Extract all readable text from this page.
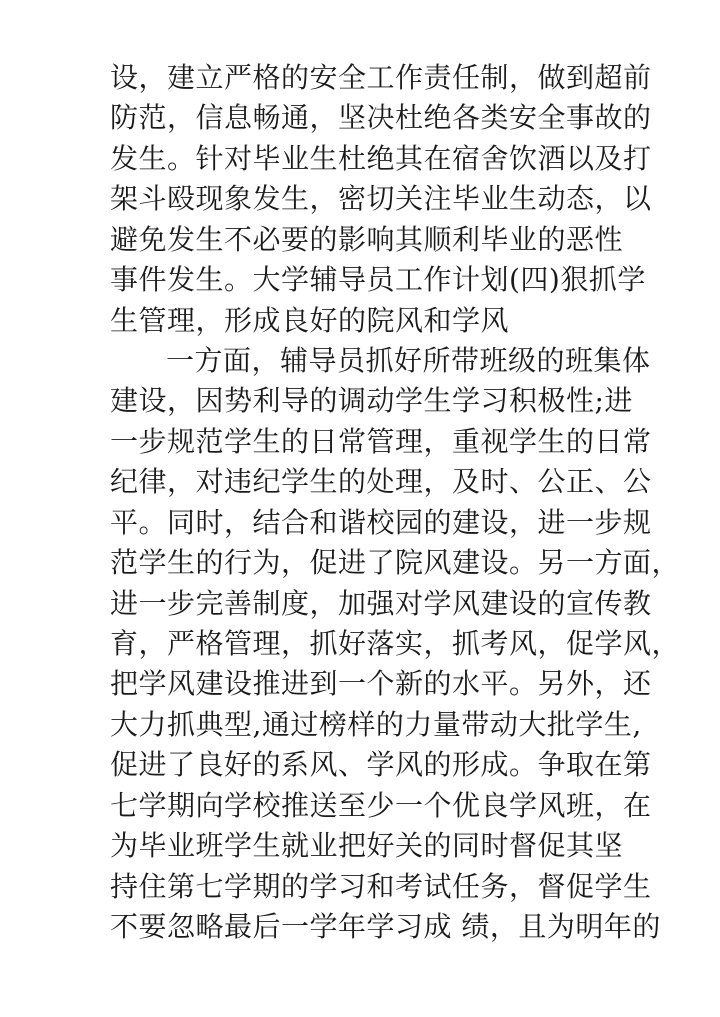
设，建立严格的安全工作责任制，做到超前
防范，信息畅通，坚决杜绝各类安全事故的
发生。针对毕业生杜绝其在宿舍饮酒以及打
架斗殴现象发生，密切关注毕业生动态，以
避免发生不必要的影响其顺利毕业的恶性
事件发生。大学辅导员工作计划(四)狠抓学
生管理，形成良好的院风和学风
一方面，辅导员抓好所带班级的班集体
建设，因势利导的调动学生学习积极性;进
一步规范学生的日常管理，重视学生的日常
纪律，对违纪学生的处理，及时、公正、公
平。同时，结合和谐校园的建设，进一步规
范学生的行为，促进了院风建设。另一方面，
进一步完善制度，加强对学风建设的宣传教
育，严格管理，抓好落实，抓考风，促学风，
把学风建设推进到一个新的水平。另外，还
大力抓典型,通过榜样的力量带动大批学生,
促进了良好的系风、学风的形成。争取在第
七学期向学校推送至少一个优良学风班，在
为毕业班学生就业把好关的同时督促其坚
持住第七学期的学习和考试任务，督促学生
不要忽略最后一学年学习成 绩，且为明年的
